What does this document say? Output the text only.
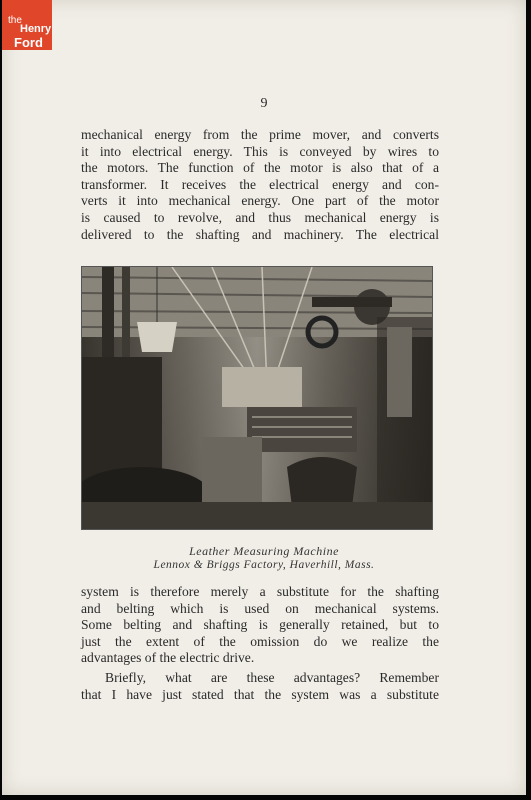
the
Henry
Ford
9
mechanical energy from the prime mover, and converts
it into electrical energy. This is conveyed by wires to
the motors. The function of the motor is also that of a
transformer. It receives the electrical energy and con-
verts it into mechanical energy. One part of the motor
is caused to revolve, and thus mechanical energy is
delivered to the shafting and machinery. The electrical
Leather Measuring Machine
Lennox & Briggs Factory, Haverhill, Mass.
system is therefore merely a substitute for the shafting
and belting which is used on mechanical systems.
Some belting and shafting is generally retained, but to
just the extent of the omission do we realize the
advantages of the electric drive.
Briefly, what are these advantages? Remember
that I have just stated that the system was a substitute
